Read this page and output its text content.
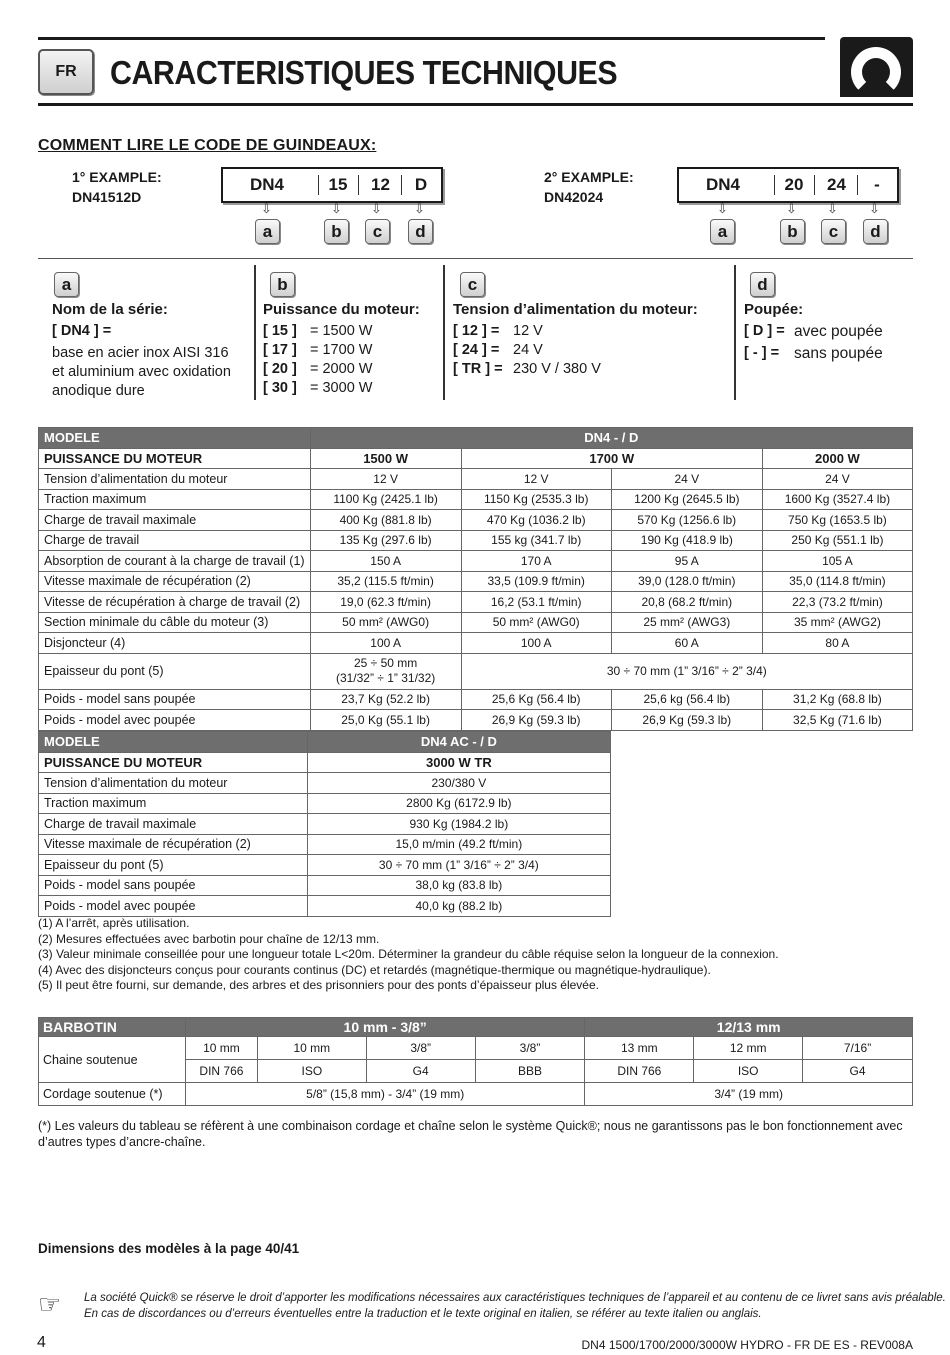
FR CARACTERISTIQUES TECHNIQUES
COMMENT LIRE LE CODE DE GUINDEAUX:
1° EXAMPLE:
DN41512D
DN4	15	12	D
⇩	⇩ ⇩ ⇩
a	b	c	d
2° EXAMPLE:
DN42024
DN4	20	24	-
⇩	⇩ ⇩ ⇩
a	b	c	d
a
Nom de la série:
[ DN4 ] =
base en acier inox AISI 316
et aluminium avec oxidation
anodique dure
b
Puissance du moteur:
[ 15 ] = 1500 W
[ 17 ] = 1700 W
[ 20 ] = 2000 W
[ 30 ] = 3000 W
c
Tension d’alimentation du moteur:
[ 12 ] = 12 V
[ 24 ] = 24 V
[ TR ] = 230 V / 380 V
d
Poupée:
[ D ] = avec poupée
[ - ] = sans poupée
MODELE	DN4 - / D			
PUISSANCE DU MOTEUR	1500 W	1700 W		2000 W
Tension d’alimentation du moteur	12 V	12 V	24 V	24 V
Traction maximum	1100 Kg (2425.1 lb)	1150 Kg (2535.3 lb)	1200 Kg (2645.5 lb)	1600 Kg (3527.4 lb)
Charge de travail maximale	400 Kg (881.8 lb)	470 Kg (1036.2 lb)	570 Kg (1256.6 lb)	750 Kg (1653.5 lb)
Charge de travail	135 Kg (297.6 lb)	155 kg (341.7 lb)	190 Kg (418.9 lb)	250 Kg (551.1 lb)
Absorption de courant à la charge de travail (1)	150 A	170 A	95 A	105 A
Vitesse maximale de récupération (2)	35,2 (115.5 ft/min)	33,5 (109.9 ft/min)	39,0 (128.0 ft/min)	35,0 (114.8 ft/min)
Vitesse de récupération à charge de travail (2)	19,0 (62.3 ft/min)	16,2 (53.1 ft/min)	20,8 (68.2 ft/min)	22,3 (73.2 ft/min)
Section minimale du câble du moteur (3)	50 mm² (AWG0)	50 mm² (AWG0)	25 mm² (AWG3)	35 mm² (AWG2)
Disjoncteur (4)	100 A	100 A	60 A	80 A
Epaisseur du pont (5)	25 ÷ 50 mm
(31/32” ÷ 1” 31/32)	30 ÷ 70 mm (1” 3/16” ÷ 2” 3/4)		
Poids - model sans poupée	23,7 Kg (52.2 lb)	25,6 Kg (56.4 lb)	25,6 kg (56.4 lb)	31,2 Kg (68.8 lb)
Poids - model avec poupée	25,0 Kg (55.1 lb)	26,9 Kg (59.3 lb)	26,9 Kg (59.3 lb)	32,5 Kg (71.6 lb)
MODELE	DN4 AC - / D
PUISSANCE DU MOTEUR	3000 W TR
Tension d’alimentation du moteur	230/380 V
Traction maximum	2800 Kg (6172.9 lb)
Charge de travail maximale	930 Kg (1984.2 lb)
Vitesse maximale de récupération (2)	15,0 m/min (49.2 ft/min)
Epaisseur du pont (5)	30 ÷ 70 mm (1” 3/16” ÷ 2” 3/4)
Poids - model sans poupée	38,0 kg (83.8 lb)
Poids - model avec poupée	40,0 kg (88.2 lb)
(1) A l’arrêt, après utilisation.
(2) Mesures effectuées avec barbotin pour chaîne de 12/13 mm.
(3) Valeur minimale conseillée pour une longueur totale L<20m. Déterminer la grandeur du câble réquise selon la longueur de la connexion.
(4) Avec des disjoncteurs conçus pour courants continus (DC) et retardés (magnétique-thermique ou magnétique-hydraulique).
(5) Il peut être fourni, sur demande, des arbres et des prisonniers pour des ponts d’épaisseur plus élevée.
BARBOTIN	10 mm - 3/8”				12/13 mm		
Chaine soutenue	10 mm	10 mm	3/8”	3/8”	13 mm	12 mm	7/16”
	DIN 766	ISO	G4	BBB	DIN 766	ISO	G4
Cordage soutenue (*)	5/8” (15,8 mm) - 3/4” (19 mm)				3/4” (19 mm)		
(*) Les valeurs du tableau se réfèrent à une combinaison cordage et chaîne selon le système Quick®; nous ne garantissons pas le bon fonctionnement avec d’autres types d’ancre-chaîne.
Dimensions des modèles à la page 40/41
☞ La société Quick® se réserve le droit d’apporter les modifications nécessaires aux caractéristiques techniques de l’appareil et au contenu de ce livret sans avis préalable.
En cas de discordances ou d’erreurs éventuelles entre la traduction et le texte original en italien, se référer au texte italien ou anglais.
4	DN4 1500/1700/2000/3000W HYDRO - FR DE ES - REV008A
